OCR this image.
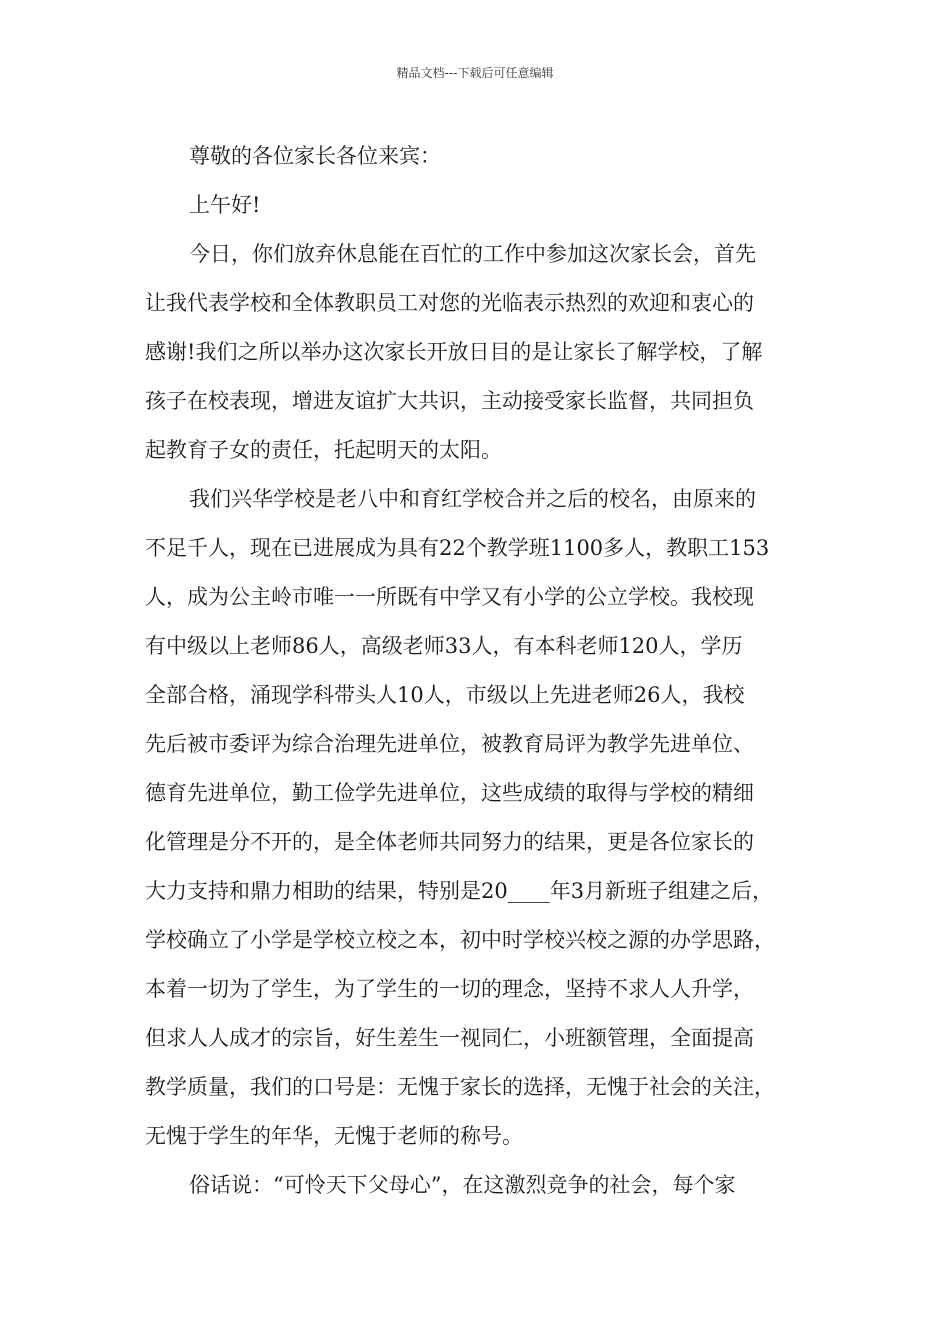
精品文档---下载后可任意编辑

尊敬的各位家长各位来宾：

上午好!

今日，你们放弃休息能在百忙的工作中参加这次家长会，首先
让我代表学校和全体教职员工对您的光临表示热烈的欢迎和衷心的
感谢!我们之所以举办这次家长开放日目的是让家长了解学校，了解
孩子在校表现，增进友谊扩大共识，主动接受家长监督，共同担负
起教育子女的责任，托起明天的太阳。

我们兴华学校是老八中和育红学校合并之后的校名，由原来的
不足千人，现在已进展成为具有22个教学班1100多人，教职工153
人，成为公主岭市唯一一所既有中学又有小学的公立学校。我校现
有中级以上老师86人，高级老师33人，有本科老师120人，学历
全部合格，涌现学科带头人10人，市级以上先进老师26人，我校
先后被市委评为综合治理先进单位，被教育局评为教学先进单位、
德育先进单位，勤工俭学先进单位，这些成绩的取得与学校的精细
化管理是分不开的，是全体老师共同努力的结果，更是各位家长的
大力支持和鼎力相助的结果，特别是20____年3月新班子组建之后，
学校确立了小学是学校立校之本，初中时学校兴校之源的办学思路，
本着一切为了学生，为了学生的一切的理念，坚持不求人人升学，
但求人人成才的宗旨，好生差生一视同仁，小班额管理，全面提高
教学质量，我们的口号是：无愧于家长的选择，无愧于社会的关注，
无愧于学生的年华，无愧于老师的称号。

俗话说：“可怜天下父母心”，在这激烈竞争的社会，每个家
